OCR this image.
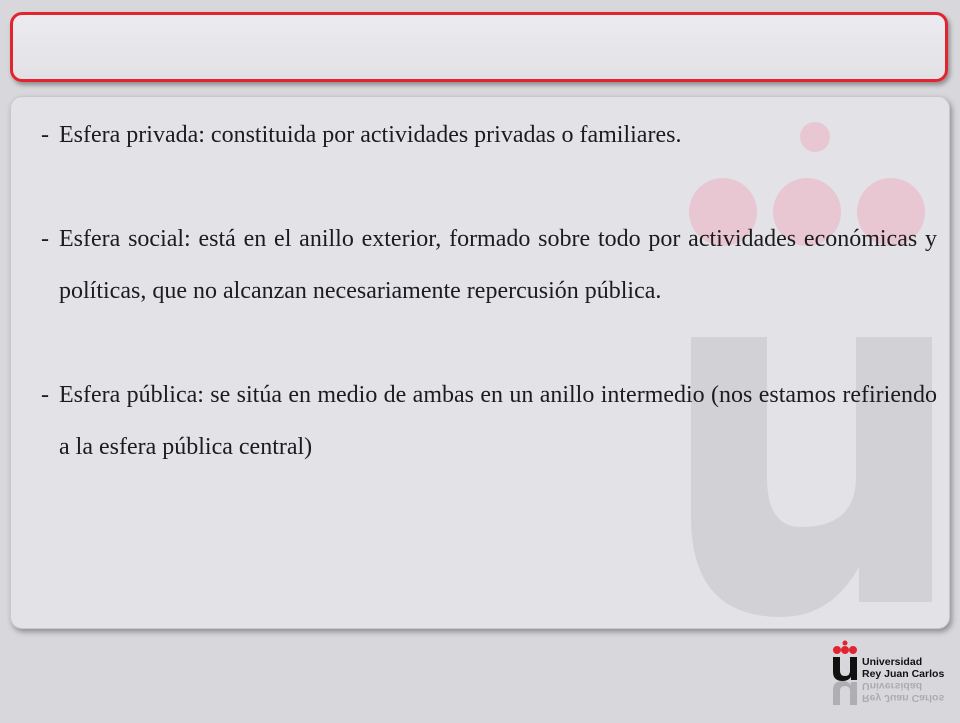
- Esfera privada: constituida por actividades privadas o familiares.
- Esfera social: está en el anillo exterior, formado sobre todo por actividades económicas y políticas, que no alcanzan necesariamente repercusión pública.
- Esfera pública: se sitúa en medio de ambas en un anillo intermedio (nos estamos refiriendo a la esfera pública central)
Universidad
Rey Juan Carlos
Rey Juan Carlos
Universidad
